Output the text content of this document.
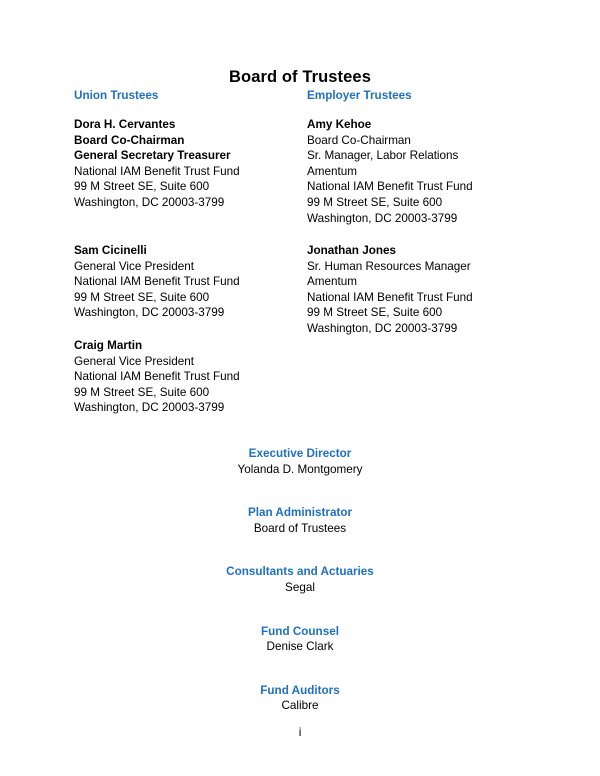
Board of Trustees
Union Trustees
Dora H. Cervantes
Board Co-Chairman
General Secretary Treasurer
National IAM Benefit Trust Fund
99 M Street SE, Suite 600
Washington, DC 20003-3799
Sam Cicinelli
General Vice President
National IAM Benefit Trust Fund
99 M Street SE, Suite 600
Washington, DC 20003-3799
Craig Martin
General Vice President
National IAM Benefit Trust Fund
99 M Street SE, Suite 600
Washington, DC 20003-3799
Employer Trustees
Amy Kehoe
Board Co-Chairman
Sr. Manager, Labor Relations
Amentum
National IAM Benefit Trust Fund
99 M Street SE, Suite 600
Washington, DC 20003-3799
Jonathan Jones
Sr. Human Resources Manager
Amentum
National IAM Benefit Trust Fund
99 M Street SE, Suite 600
Washington, DC 20003-3799
Executive Director
Yolanda D. Montgomery
Plan Administrator
Board of Trustees
Consultants and Actuaries
Segal
Fund Counsel
Denise Clark
Fund Auditors
Calibre
i
